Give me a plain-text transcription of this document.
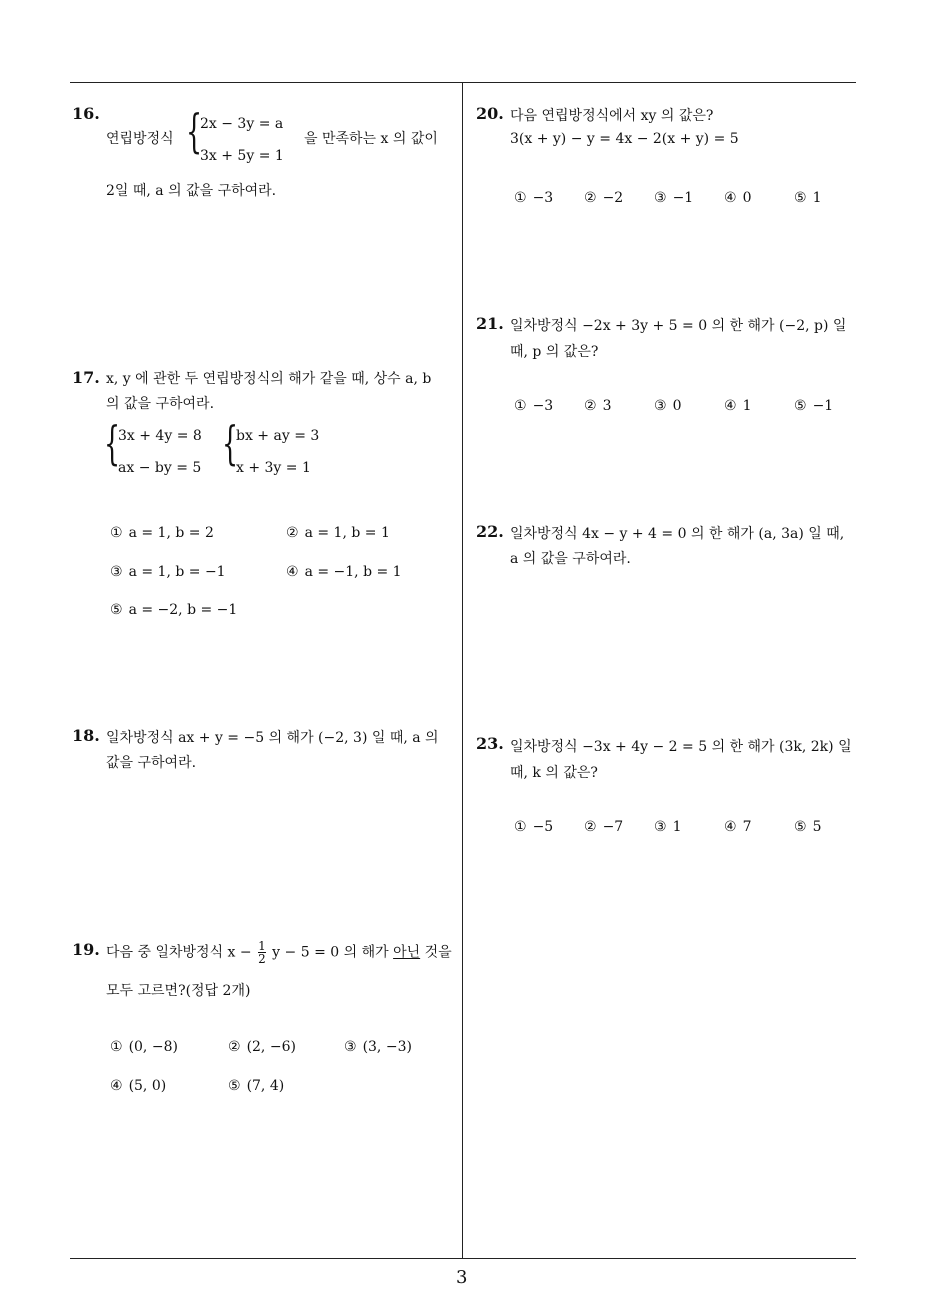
3
16.
연립방정식 {
2x − 3y = a
3x + 5y = 1
을 만족하는 x 의 값이
2일 때, a 의 값을 구하여라.
17. x, y 에 관한 두 연립방정식의 해가 같을 때, 상수 a, b
의 값을 구하여라.
{
3x + 4y = 8
ax − by = 5 {
bx + ay = 3
x + 3y = 1
① a = 1, b = 2	② a = 1, b = 1
③ a = 1, b = −1	④ a = −1, b = 1
⑤ a = −2, b = −1
18. 일차방정식 ax + y = −5 의 해가 (−2, 3) 일 때, a 의
값을 구하여라.
19. 다음 중 일차방정식 $x - \frac{1}{2}$ y − 5 = 0 의 해가 아닌 것을
모두 고르면?(정답 2개)
① (0, −8)	② (2, −6)	③ (3, −3)
④ (5, 0)	⑤ (7, 4)
20. 다음 연립방정식에서 xy 의 값은?
3(x + y) − y = 4x − 2(x + y) = 5
① −3 ② −2 ③ −1 ④ 0	⑤ 1
21. 일차방정식 −2x + 3y + 5 = 0 의 한 해가 (−2, p) 일
때, p 의 값은?
① −3 ② 3	③ 0	④ 1	⑤ −1
22. 일차방정식 4x − y + 4 = 0 의 한 해가 (a, 3a) 일 때,
a 의 값을 구하여라.
23. 일차방정식 −3x + 4y − 2 = 5 의 한 해가 (3k, 2k) 일
때, k 의 값은?
① −5 ② −7 ③ 1	④ 7	⑤ 5
